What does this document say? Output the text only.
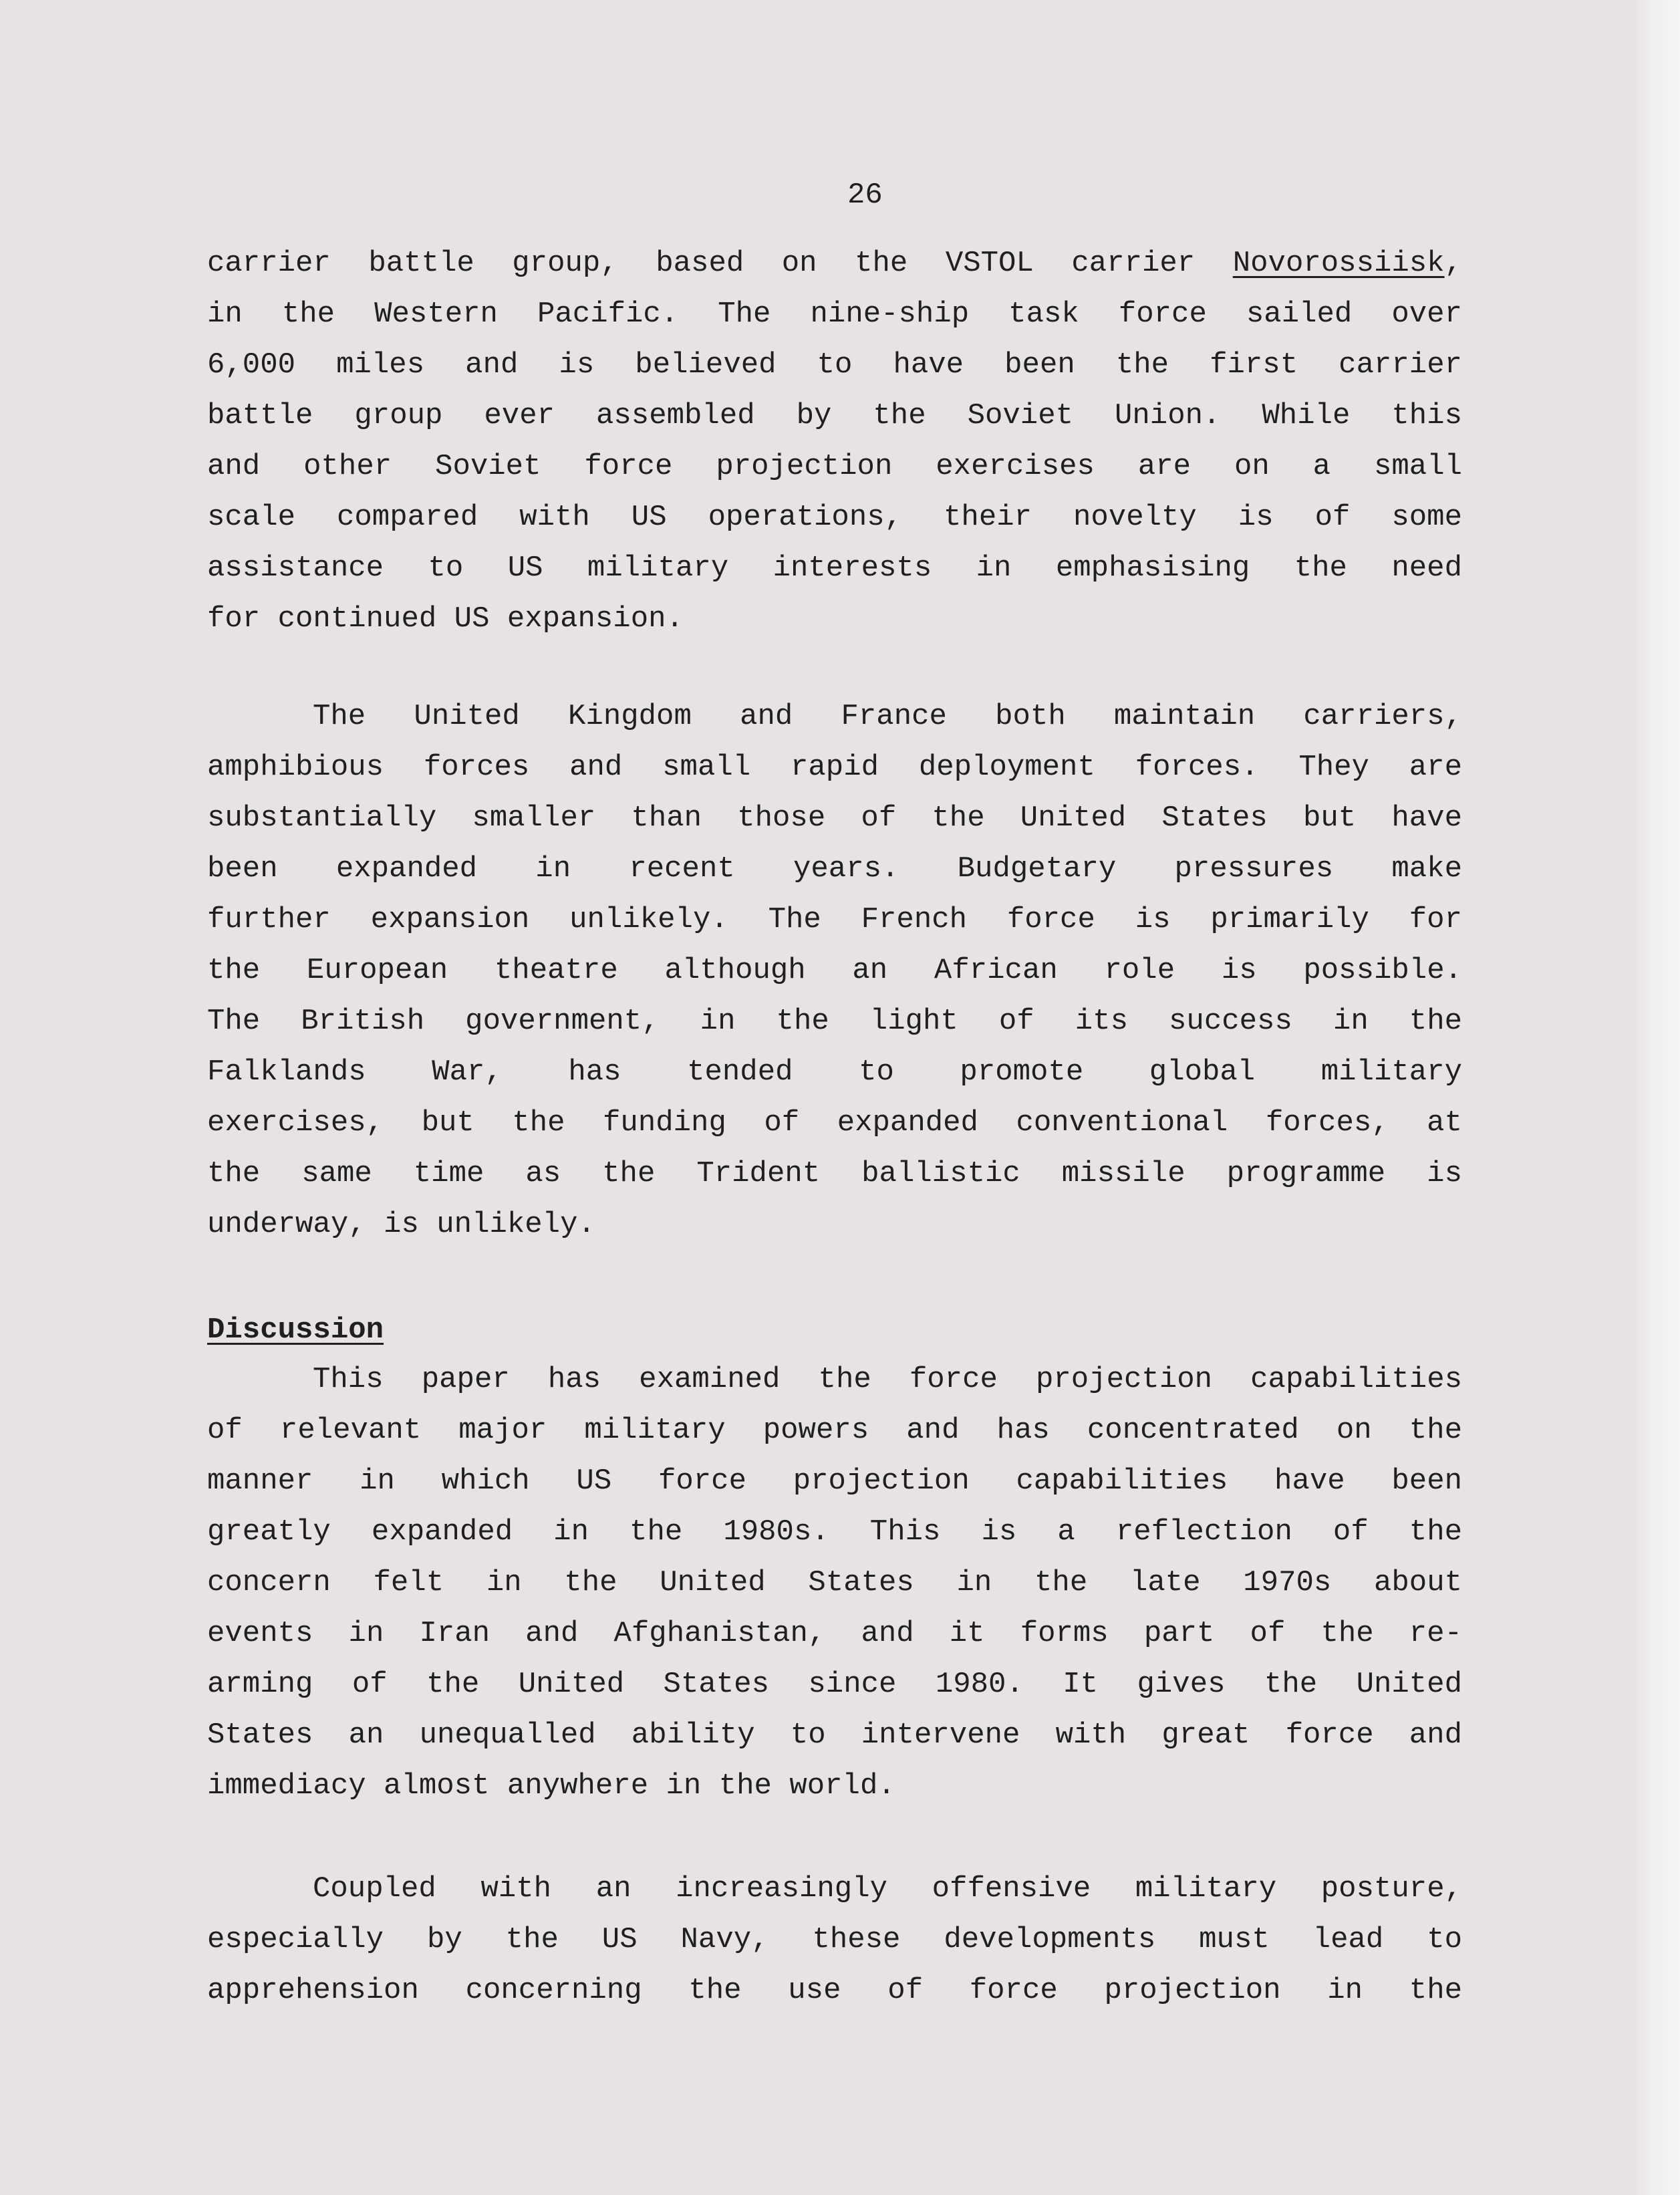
26
carrier battle group, based on the VSTOL carrier Novorossiisk,
in the Western Pacific. The nine-ship task force sailed over
6,000 miles and is believed to have been the first carrier
battle group ever assembled by the Soviet Union. While this
and other Soviet force projection exercises are on a small
scale compared with US operations, their novelty is of some
assistance to US military interests in emphasising the need
for continued US expansion.
The United Kingdom and France both maintain carriers,
amphibious forces and small rapid deployment forces. They are
substantially smaller than those of the United States but have
been expanded in recent years. Budgetary pressures make
further expansion unlikely. The French force is primarily for
the European theatre although an African role is possible.
The British government, in the light of its success in the
Falklands War, has tended to promote global military
exercises, but the funding of expanded conventional forces, at
the same time as the Trident ballistic missile programme is
underway, is unlikely.
Discussion
This paper has examined the force projection capabilities
of relevant major military powers and has concentrated on the
manner in which US force projection capabilities have been
greatly expanded in the 1980s. This is a reflection of the
concern felt in the United States in the late 1970s about
events in Iran and Afghanistan, and it forms part of the re-
arming of the United States since 1980. It gives the United
States an unequalled ability to intervene with great force and
immediacy almost anywhere in the world.
Coupled with an increasingly offensive military posture,
especially by the US Navy, these developments must lead to
apprehension concerning the use of force projection in the
